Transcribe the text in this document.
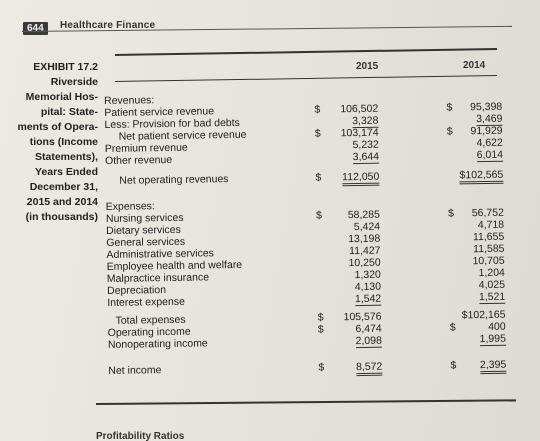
644	Healthcare Finance
EXHIBIT 17.2
Riverside
Memorial Hos-
pital: State-
ments of Opera-
tions (Income
Statements),
Years Ended
December 31,
2015 and 2014
(in thousands)
2015	2014
Revenues:
Patient service revenue	$ 106,502	$ 95,398
Less: Provision for bad debts	3,328	3,469
Net patient service revenue	$ 103,174	$ 91,929
Premium revenue	5,232	4,622
Other revenue	3,644	6,014
Net operating revenues	$ 112,050	$102,565
Expenses:
Nursing services	$ 58,285	$ 56,752
Dietary services	5,424	4,718
General services	13,198	11,655
Administrative services	11,427	11,585
Employee health and welfare	10,250	10,705
Malpractice insurance	1,320	1,204
Depreciation	4,130	4,025
Interest expense	1,542	1,521
Total expenses	$ 105,576	$102,165
Operating income	$	6,474	$	400
Nonoperating income	2,098	1,995
Net income	$	8,572	$ 2,395
Profitability Ratios
